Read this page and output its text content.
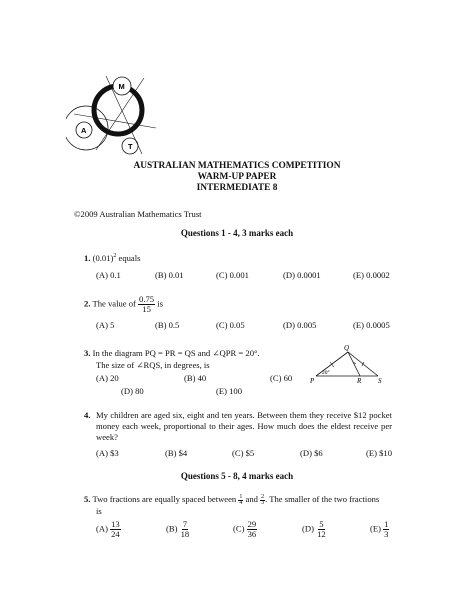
M
A
T
AUSTRALIAN MATHEMATICS COMPETITION
WARM-UP PAPER
INTERMEDIATE 8
©2009 Australian Mathematics Trust
Questions 1 - 4, 3 marks each
1. $(0.01)^2$ equals
(A) 0.1	(B) 0.01	(C) 0.001	(D) 0.0001	(E) 0.0002
2. The value of $\frac{0.75}{15}$ is
(A) 5	(B) 0.5	(C) 0.05	(D) 0.005	(E) 0.0005
3. In the diagram PQ = PR = QS and ∠QPR = 20°.
The size of ∠RQS, in degrees, is
(A) 20	(B) 40	(C) 60
(D) 80	(E) 100
Q
P	R S
20°
4. My children are aged six, eight and ten years. Between them they receive $12 pocket money each week, proportional to their ages. How much does the eldest receive per week?
(A) $3	(B) $4	(C) $5	(D) $6	(E) $10
Questions 5 - 8, 4 marks each
5. Two fractions are equally spaced between $\frac{1}{4}$ and $\frac{2}{3}$ . The smaller of the two fractions
is
$(A) \frac{13}{24}$	$(B) \frac{7}{18}$	$(C) \frac{29}{36}$	$(D) \frac{5}{12}$	$(E) \frac{1}{3}$
